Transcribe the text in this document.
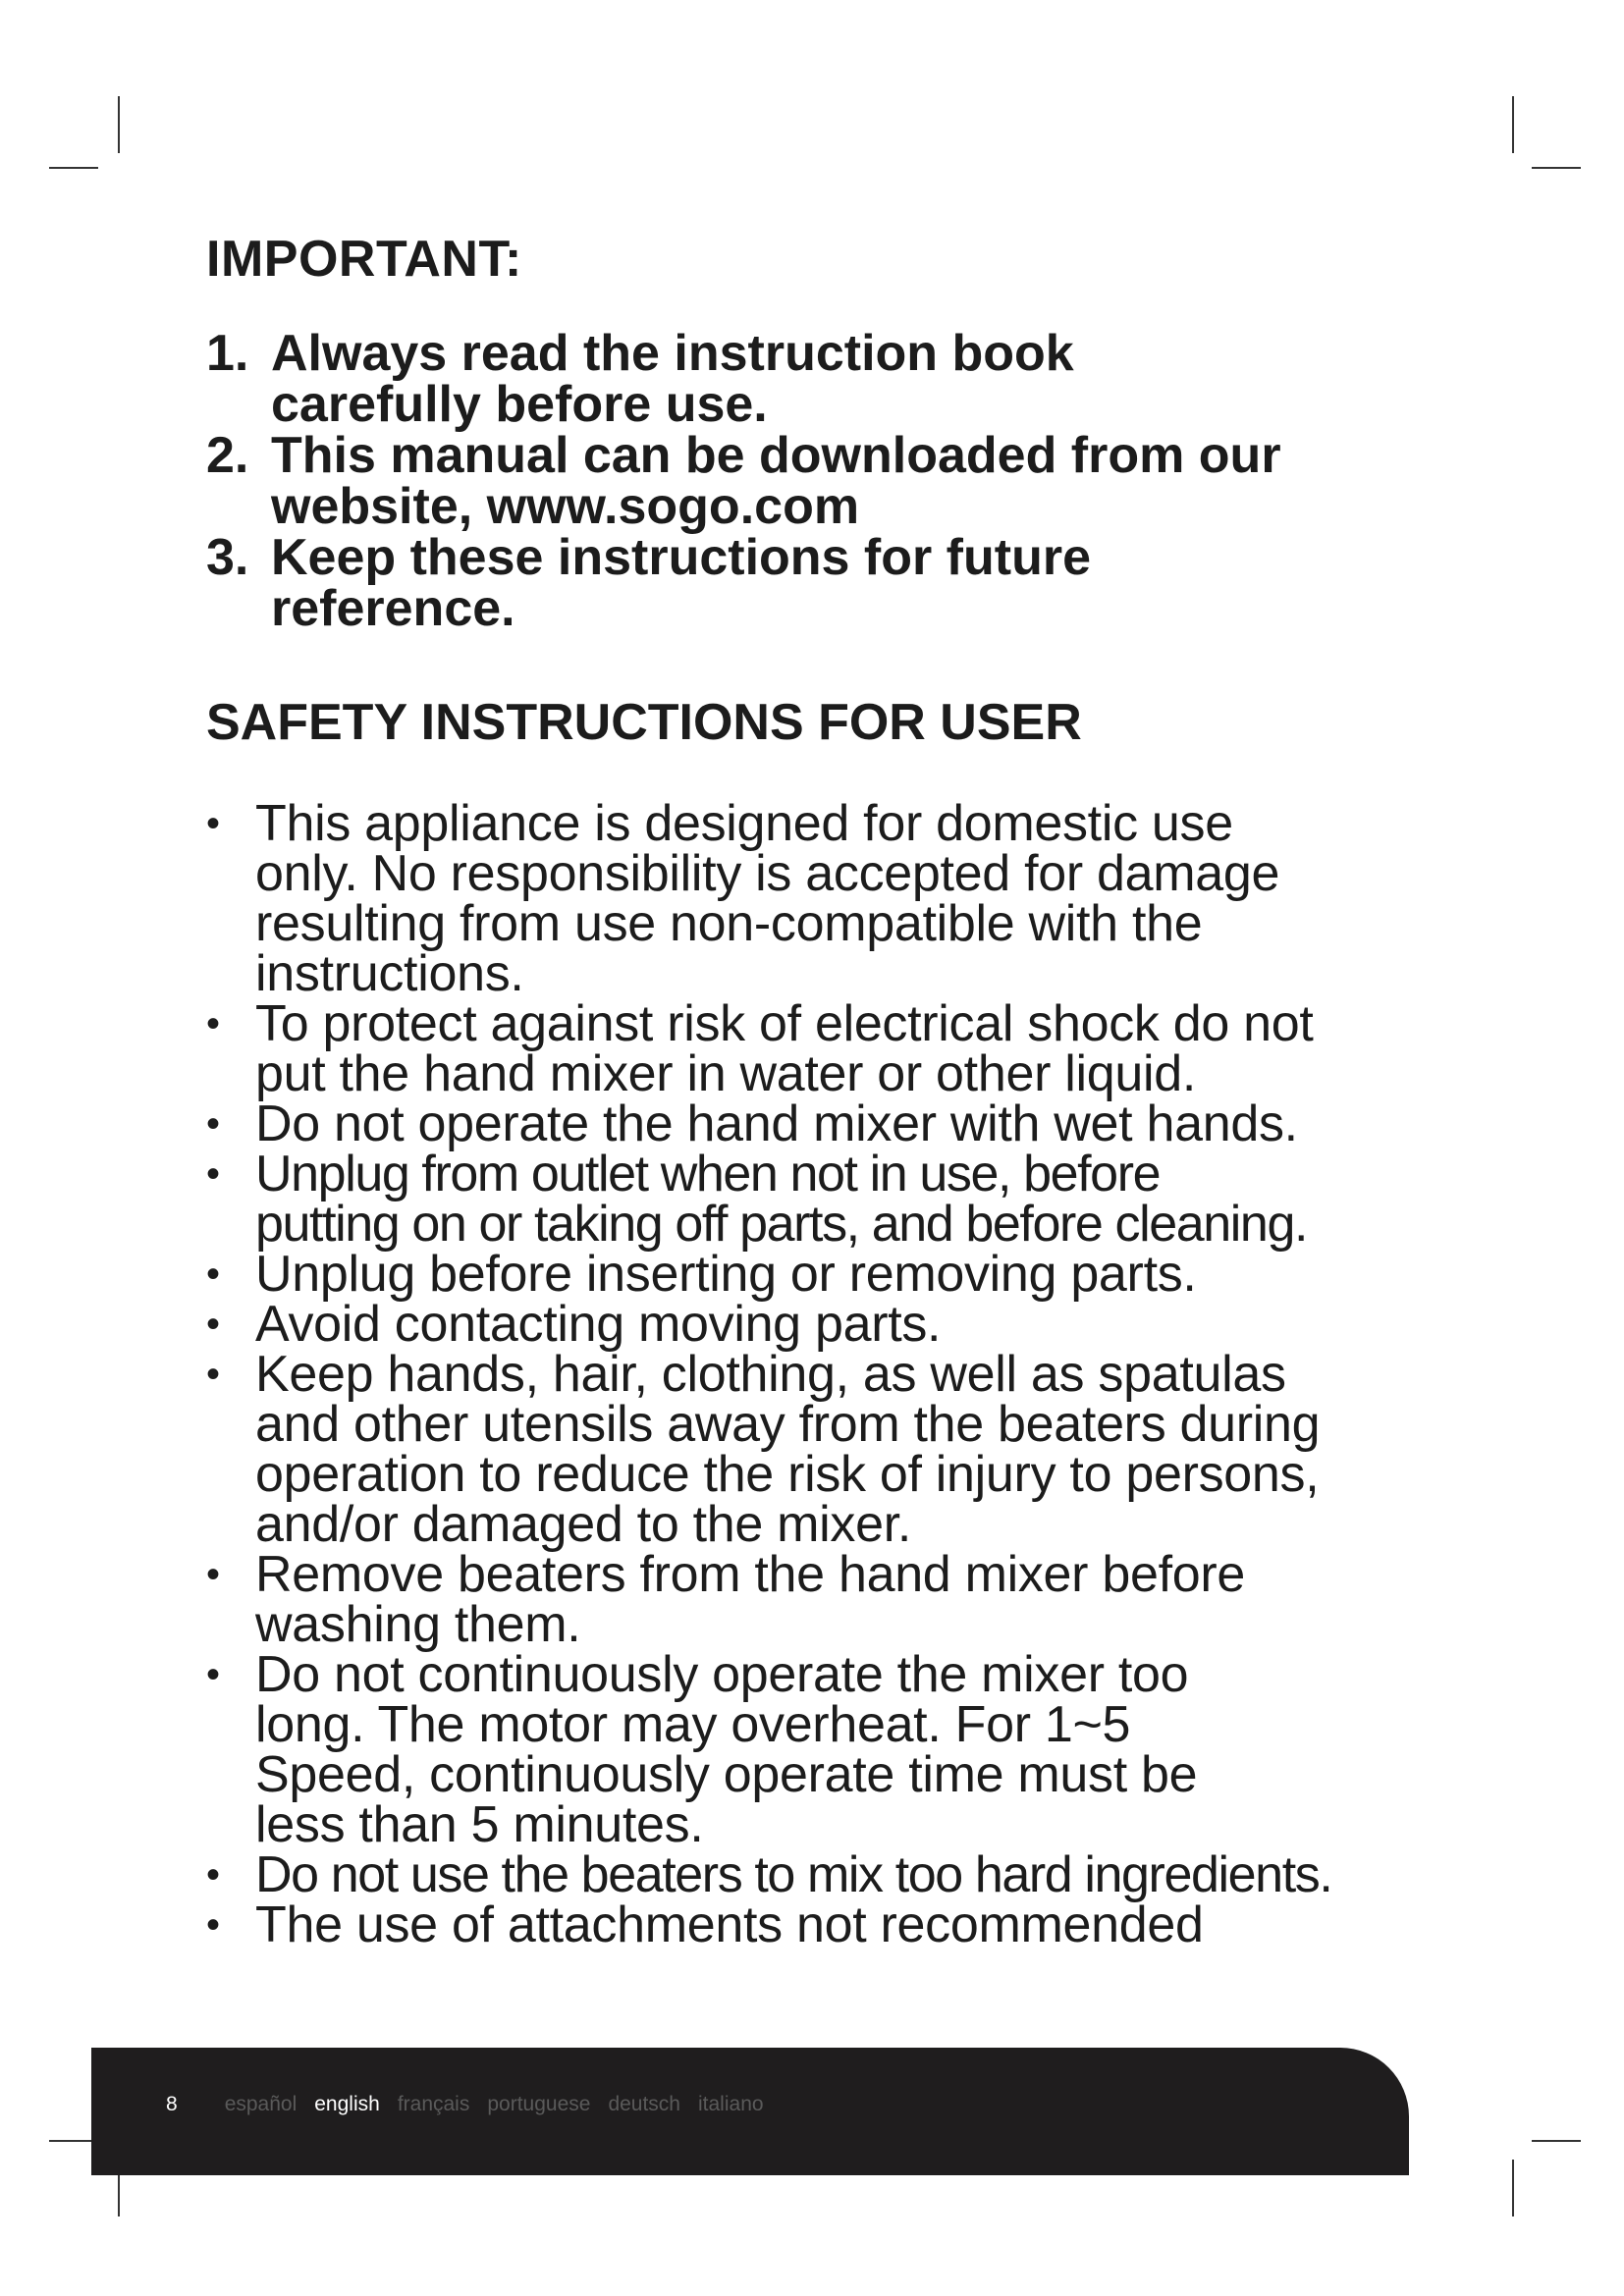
IMPORTANT:
1. Always read the instruction book
carefully before use.
2. This manual can be downloaded from our
website, www.sogo.com
3. Keep these instructions for future
reference.
SAFETY INSTRUCTIONS FOR USER
• This appliance is designed for domestic use
only. No responsibility is accepted for damage
resulting from use non-compatible with the
instructions.
• To protect against risk of electrical shock do not
put the hand mixer in water or other liquid.
• Do not operate the hand mixer with wet hands.
• Unplug from outlet when not in use, before
putting on or taking off parts, and before cleaning.
• Unplug before inserting or removing parts.
• Avoid contacting moving parts.
• Keep hands, hair, clothing, as well as spatulas
and other utensils away from the beaters during
operation to reduce the risk of injury to persons,
and/or damaged to the mixer.
• Remove beaters from the hand mixer before
washing them.
• Do not continuously operate the mixer too
long. The motor may overheat. For 1~5
Speed, continuously operate time must be
less than 5 minutes.
• Do not use the beaters to mix too hard ingredients.
• The use of attachments not recommended
8 español english français portuguese deutsch italiano
